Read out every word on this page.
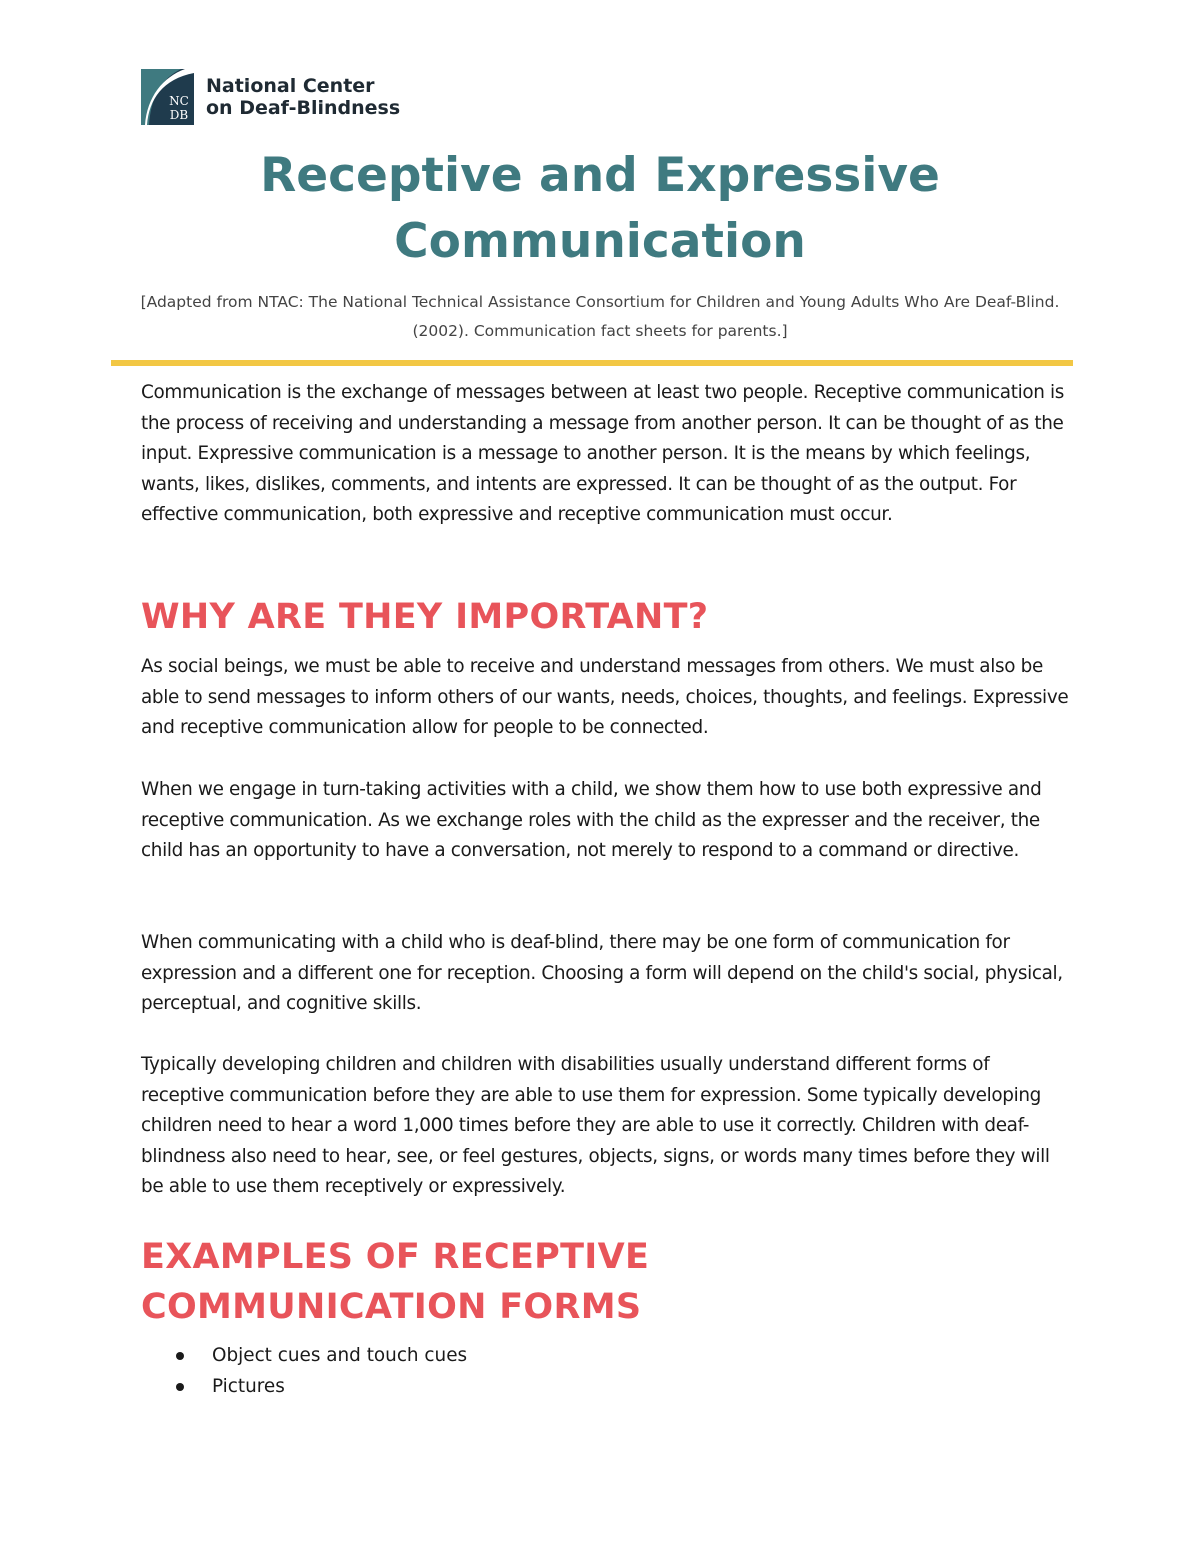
NC
DB
National Center
on Deaf-Blindness
Receptive and Expressive
Communication
[Adapted from NTAC: The National Technical Assistance Consortium for Children and Young Adults Who Are Deaf-Blind. (2002). Communication fact sheets for parents.]

Communication is the exchange of messages between at least two people. Receptive communication is the process of receiving and understanding a message from another person. It can be thought of as the input. Expressive communication is a message to another person. It is the means by which feelings, wants, likes, dislikes, comments, and intents are expressed. It can be thought of as the output. For effective communication, both expressive and receptive communication must occur.

WHY ARE THEY IMPORTANT?

As social beings, we must be able to receive and understand messages from others. We must also be able to send messages to inform others of our wants, needs, choices, thoughts, and feelings. Expressive and receptive communication allow for people to be connected.

When we engage in turn-taking activities with a child, we show them how to use both expressive and receptive communication. As we exchange roles with the child as the expresser and the receiver, the child has an opportunity to have a conversation, not merely to respond to a command or directive.

When communicating with a child who is deaf-blind, there may be one form of communication for expression and a different one for reception. Choosing a form will depend on the child's social, physical, perceptual, and cognitive skills.

Typically developing children and children with disabilities usually understand different forms of receptive communication before they are able to use them for expression. Some typically developing children need to hear a word 1,000 times before they are able to use it correctly. Children with deaf-blindness also need to hear, see, or feel gestures, objects, signs, or words many times before they will be able to use them receptively or expressively.

EXAMPLES OF RECEPTIVE
COMMUNICATION FORMS
Object cues and touch cues
Pictures
